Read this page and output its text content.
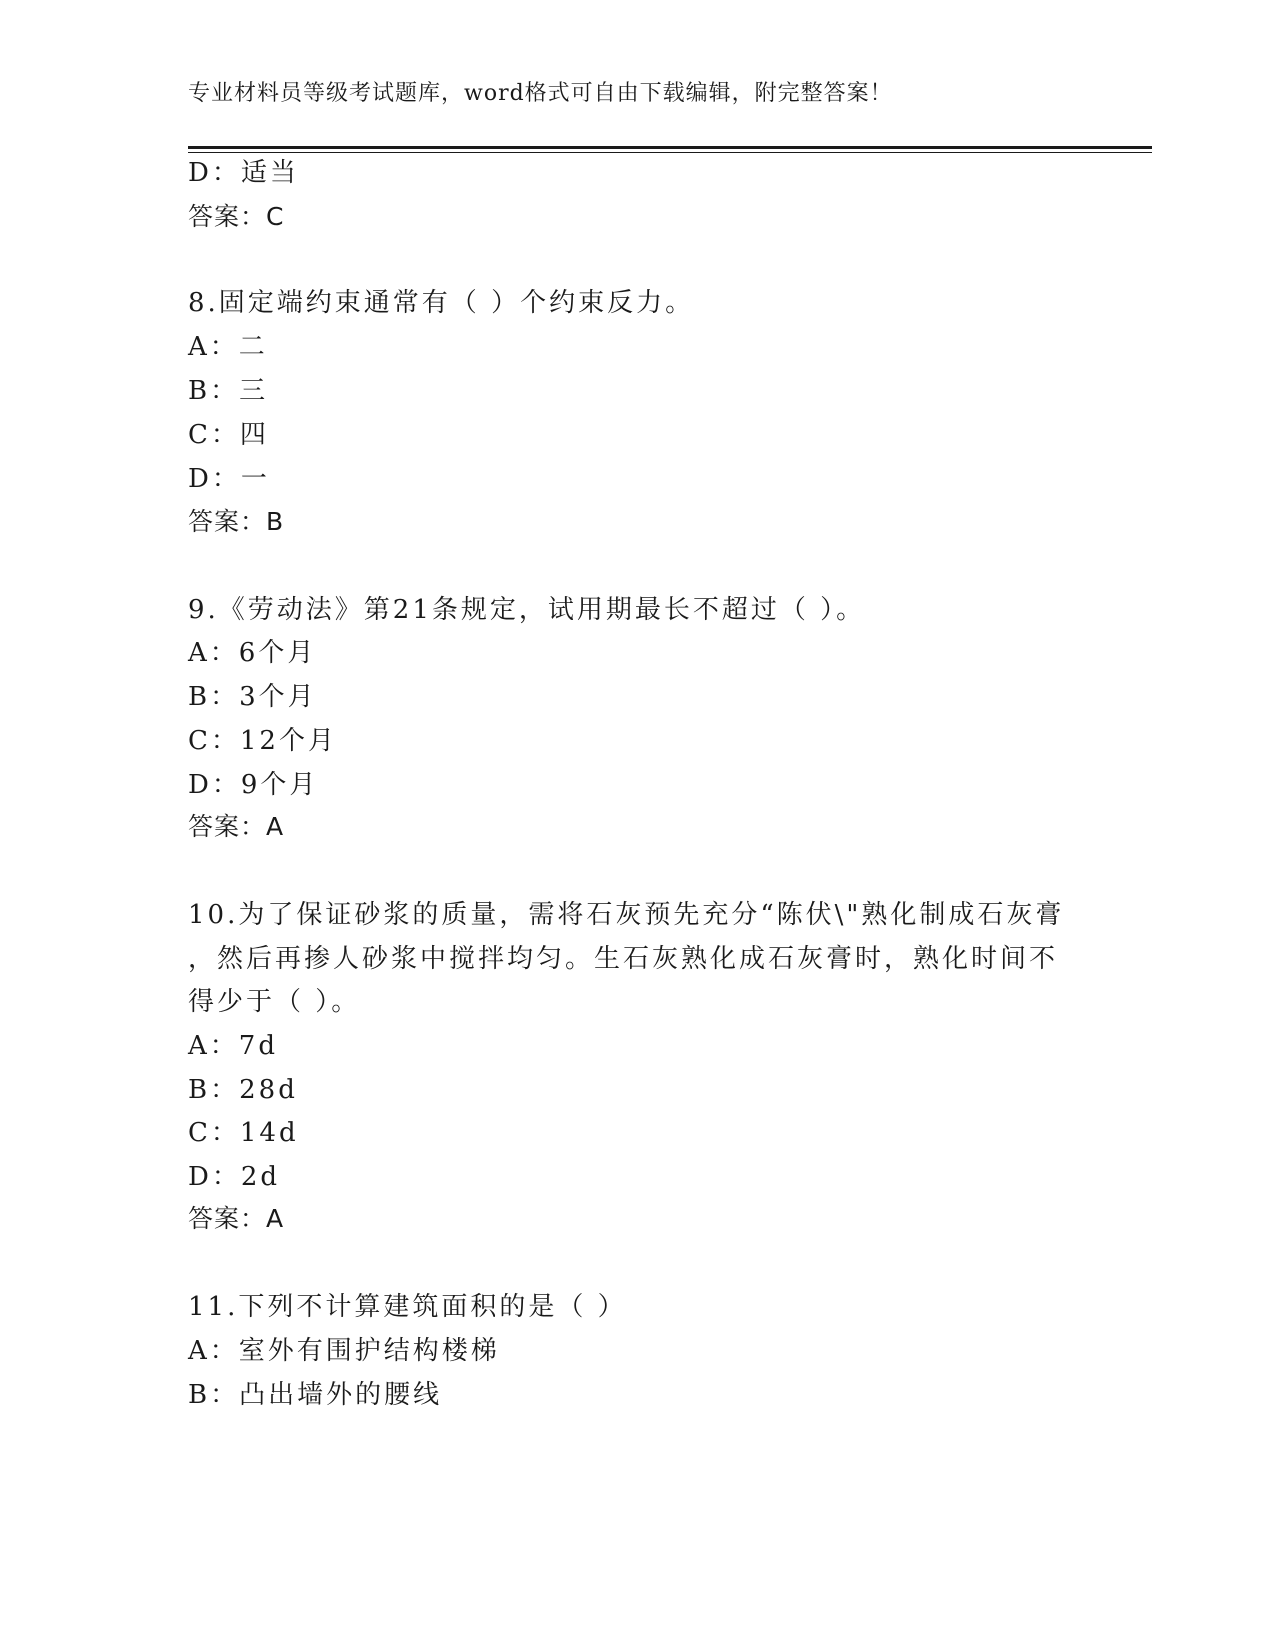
专业材料员等级考试题库，word格式可自由下载编辑，附完整答案！
D：适当
答案：C
8.固定端约束通常有（ ）个约束反力。
A：二
B：三
C：四
D：一
答案：B
9.《劳动法》第21条规定，试用期最长不超过（ ）。
A：6个月
B：3个月
C：12个月
D：9个月
答案：A
10.为了保证砂浆的质量，需将石灰预先充分“陈伏\"熟化制成石灰膏
，然后再掺人砂浆中搅拌均匀。生石灰熟化成石灰膏时，熟化时间不
得少于（ ）。
A：7d
B：28d
C：14d
D：2d
答案：A
11.下列不计算建筑面积的是（ ）
A：室外有围护结构楼梯
B：凸出墙外的腰线
